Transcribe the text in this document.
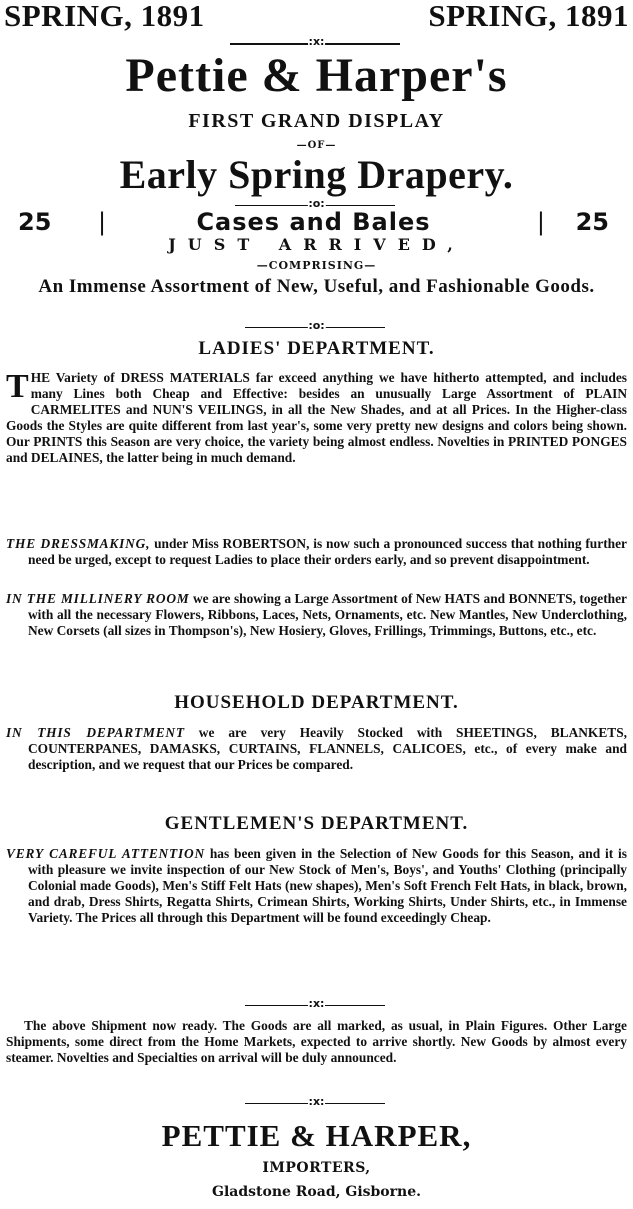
SPRING, 1891	SPRING, 1891
:x:
Pettie & Harper's
FIRST GRAND DISPLAY
—OF—
Early Spring Drapery.
:o:
25 |	Cases and Bales	| 25
JUST ARRIVED,
—COMPRISING—
An Immense Assortment of New, Useful, and Fashionable Goods.
:o:
LADIES' DEPARTMENT.
THE Variety of DRESS MATERIALS far exceed anything we have hitherto attempted, and includes many Lines both Cheap and Effective: besides an unusually Large Assortment of PLAIN CARMELITES and NUN'S VEILINGS, in all the New Shades, and at all Prices. In the Higher-class Goods the Styles are quite different from last year's, some very pretty new designs and colors being shown. Our PRINTS this Season are very choice, the variety being almost endless. Novelties in PRINTED PONGES and DELAINES, the latter being in much demand.
THE DRESSMAKING, under Miss ROBERTSON, is now such a pronounced success that nothing further need be urged, except to request Ladies to place their orders early, and so prevent disappointment.
IN THE MILLINERY ROOM we are showing a Large Assortment of New HATS and BONNETS, together with all the necessary Flowers, Ribbons, Laces, Nets, Ornaments, etc. New Mantles, New Underclothing, New Corsets (all sizes in Thompson's), New Hosiery, Gloves, Frillings, Trimmings, Buttons, etc., etc.
HOUSEHOLD DEPARTMENT.
IN THIS DEPARTMENT we are very Heavily Stocked with SHEETINGS, BLANKETS, COUNTERPANES, DAMASKS, CURTAINS, FLANNELS, CALICOES, etc., of every make and description, and we request that our Prices be compared.
GENTLEMEN'S DEPARTMENT.
VERY CAREFUL ATTENTION has been given in the Selection of New Goods for this Season, and it is with pleasure we invite inspection of our New Stock of Men's, Boys', and Youths' Clothing (principally Colonial made Goods), Men's Stiff Felt Hats (new shapes), Men's Soft French Felt Hats, in black, brown, and drab, Dress Shirts, Regatta Shirts, Crimean Shirts, Working Shirts, Under Shirts, etc., in Immense Variety. The Prices all through this Department will be found exceedingly Cheap.
:x:
The above Shipment now ready. The Goods are all marked, as usual, in Plain Figures. Other Large Shipments, some direct from the Home Markets, expected to arrive shortly. New Goods by almost every steamer. Novelties and Specialties on arrival will be duly announced.
:x:
PETTIE & HARPER,
IMPORTERS,
Gladstone Road, Gisborne.
